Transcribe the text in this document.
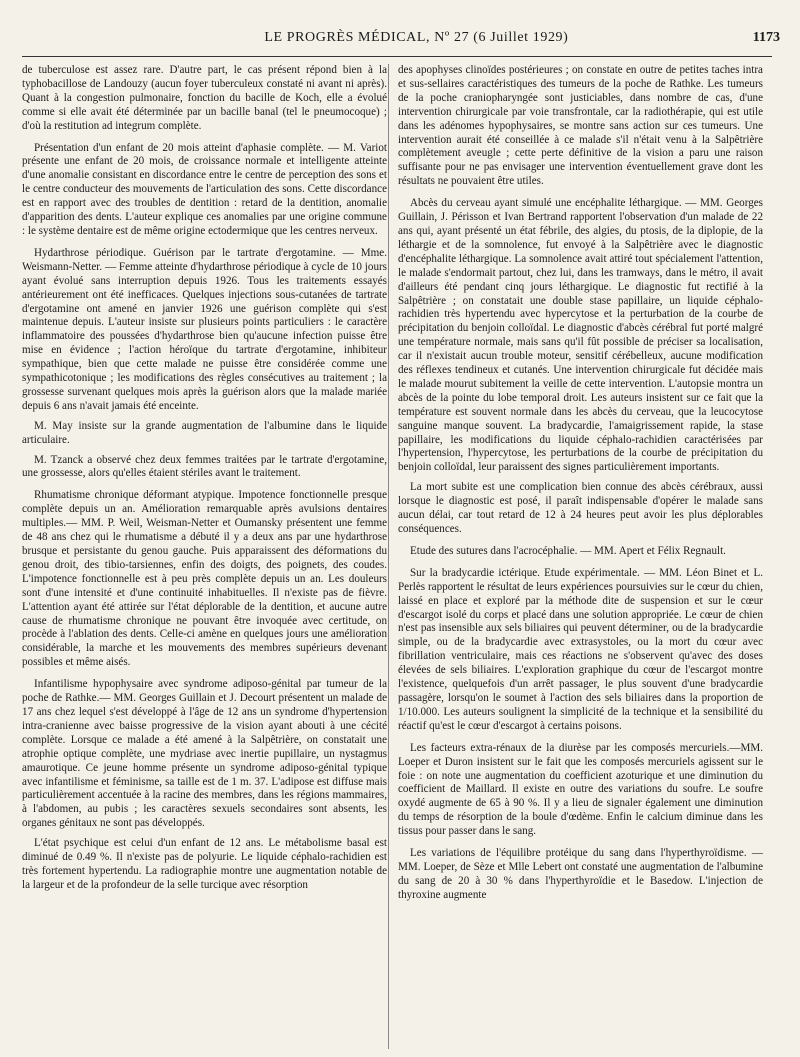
LE PROGRÈS MÉDICAL, Nº 27 (6 Juillet 1929)	1173

de tuberculose est assez rare. D'autre part, le cas présent répond bien à la typhobacillose de Landouzy (aucun foyer tuberculeux constaté ni avant ni après). Quant à la congestion pulmonaire, fonction du bacille de Koch, elle a évolué comme si elle avait été déterminée par un bacille banal (tel le pneumocoque) ; d'où la restitution ad integrum complète.

Présentation d'un enfant de 20 mois atteint d'aphasie complète. — M. Variot présente une enfant de 20 mois, de croissance normale et intelligente atteinte d'une anomalie consistant en discordance entre le centre de perception des sons et le centre conducteur des mouvements de l'articulation des sons. Cette discordance est en rapport avec des troubles de dentition : retard de la dentition, anomalie d'apparition des dents. L'auteur explique ces anomalies par une origine commune : le système dentaire est de même origine ectodermique que les centres nerveux.

Hydarthrose périodique. Guérison par le tartrate d'ergotamine. — Mme. Weismann-Netter. — Femme atteinte d'hydarthrose périodique à cycle de 10 jours ayant évolué sans interruption depuis 1926. Tous les traitements essayés antérieurement ont été inefficaces. Quelques injections sous-cutanées de tartrate d'ergotamine ont amené en janvier 1926 une guérison complète qui s'est maintenue depuis. L'auteur insiste sur plusieurs points particuliers : le caractère inflammatoire des poussées d'hydarthrose bien qu'aucune infection puisse être mise en évidence ; l'action héroïque du tartrate d'ergotamine, inhibiteur sympathique, bien que cette malade ne puisse être considérée comme une sympathicotonique ; les modifications des règles consécutives au traitement ; la grossesse survenant quelques mois après la guérison alors que la malade mariée depuis 6 ans n'avait jamais été enceinte.

M. May insiste sur la grande augmentation de l'albumine dans le liquide articulaire.

M. Tzanck a observé chez deux femmes traitées par le tartrate d'ergotamine, une grossesse, alors qu'elles étaient stériles avant le traitement.

Rhumatisme chronique déformant atypique. Impotence fonctionnelle presque complète depuis un an. Amélioration remarquable après avulsions dentaires multiples.— MM. P. Weil, Weisman-Netter et Oumansky présentent une femme de 48 ans chez qui le rhumatisme a débuté il y a deux ans par une hydarthrose brusque et persistante du genou gauche. Puis apparaissent des déformations du genou droit, des tibio-tarsiennes, enfin des doigts, des poignets, des coudes. L'impotence fonctionnelle est à peu près complète depuis un an. Les douleurs sont d'une intensité et d'une continuité inhabituelles. Il n'existe pas de fièvre. L'attention ayant été attirée sur l'état déplorable de la dentition, et aucune autre cause de rhumatisme chronique ne pouvant être invoquée avec certitude, on procède à l'ablation des dents. Celle-ci amène en quelques jours une amélioration considérable, la marche et les mouvements des membres supérieurs devenant possibles et même aisés.

Infantilisme hypophysaire avec syndrome adiposo-génital par tumeur de la poche de Rathke.— MM. Georges Guillain et J. Decourt présentent un malade de 17 ans chez lequel s'est développé à l'âge de 12 ans un syndrome d'hypertension intra-cranienne avec baisse progressive de la vision ayant abouti à une cécité complète. Lorsque ce malade a été amené à la Salpêtrière, on constatait une atrophie optique complète, une mydriase avec inertie pupillaire, un nystagmus amaurotique. Ce jeune homme présente un syndrome adiposo-génital typique avec infantilisme et féminisme, sa taille est de 1 m. 37. L'adipose est diffuse mais particulièrement accentuée à la racine des membres, dans les régions mammaires, à l'abdomen, au pubis ; les caractères sexuels secondaires sont absents, les organes génitaux ne sont pas développés.

L'état psychique est celui d'un enfant de 12 ans. Le métabolisme basal est diminué de 0.49 %. Il n'existe pas de polyurie. Le liquide céphalo-rachidien est très fortement hypertendu. La radiographie montre une augmentation notable de la largeur et de la profondeur de la selle turcique avec résorption

des apophyses clinoïdes postérieures ; on constate en outre de petites taches intra et sus-sellaires caractéristiques des tumeurs de la poche de Rathke. Les tumeurs de la poche craniopharyngée sont justiciables, dans nombre de cas, d'une intervention chirurgicale par voie transfrontale, car la radiothérapie, qui est utile dans les adénomes hypophysaires, se montre sans action sur ces tumeurs. Une intervention aurait été conseillée à ce malade s'il n'était venu à la Salpêtrière complètement aveugle ; cette perte définitive de la vision a paru une raison suffisante pour ne pas envisager une intervention éventuellement grave dont les résultats ne pouvaient être utiles.

Abcès du cerveau ayant simulé une encéphalite léthargique. — MM. Georges Guillain, J. Périsson et Ivan Bertrand rapportent l'observation d'un malade de 22 ans qui, ayant présenté un état fébrile, des algies, du ptosis, de la diplopie, de la léthargie et de la somnolence, fut envoyé à la Salpêtrière avec le diagnostic d'encéphalite léthargique. La somnolence avait attiré tout spécialement l'attention, le malade s'endormait partout, chez lui, dans les tramways, dans le métro, il avait d'ailleurs été pendant cinq jours léthargique. Le diagnostic fut rectifié à la Salpêtrière ; on constatait une double stase papillaire, un liquide céphalo-rachidien très hypertendu avec hypercytose et la perturbation de la courbe de précipitation du benjoin colloïdal. Le diagnostic d'abcès cérébral fut porté malgré une température normale, mais sans qu'il fût possible de préciser sa localisation, car il n'existait aucun trouble moteur, sensitif cérébelleux, aucune modification des réflexes tendineux et cutanés. Une intervention chirurgicale fut décidée mais le malade mourut subitement la veille de cette intervention. L'autopsie montra un abcès de la pointe du lobe temporal droit. Les auteurs insistent sur ce fait que la température est souvent normale dans les abcès du cerveau, que la leucocytose sanguine manque souvent. La bradycardie, l'amaigrissement rapide, la stase papillaire, les modifications du liquide céphalo-rachidien caractérisées par l'hypertension, l'hypercytose, les perturbations de la courbe de précipitation du benjoin colloïdal, leur paraissent des signes particulièrement importants.

La mort subite est une complication bien connue des abcès cérébraux, aussi lorsque le diagnostic est posé, il paraît indispensable d'opérer le malade sans aucun délai, car tout retard de 12 à 24 heures peut avoir les plus déplorables conséquences.

Etude des sutures dans l'acrocéphalie. — MM. Apert et Félix Regnault.

Sur la bradycardie ictérique. Etude expérimentale. — MM. Léon Binet et L. Perlès rapportent le résultat de leurs expériences poursuivies sur le cœur du chien, laissé en place et exploré par la méthode dite de suspension et sur le cœur d'escargot isolé du corps et placé dans une solution appropriée. Le cœur de chien n'est pas insensible aux sels biliaires qui peuvent déterminer, ou de la bradycardie simple, ou de la bradycardie avec extrasystoles, ou la mort du cœur avec fibrillation ventriculaire, mais ces réactions ne s'observent qu'avec des doses élevées de sels biliaires. L'exploration graphique du cœur de l'escargot montre l'existence, quelquefois d'un arrêt passager, le plus souvent d'une bradycardie passagère, lorsqu'on le soumet à l'action des sels biliaires dans la proportion de 1/10.000. Les auteurs soulignent la simplicité de la technique et la sensibilité du réactif qu'est le cœur d'escargot à certains poisons.

Les facteurs extra-rénaux de la diurèse par les composés mercuriels.—MM. Loeper et Duron insistent sur le fait que les composés mercuriels agissent sur le foie : on note une augmentation du coefficient azoturique et une diminution du coefficient de Maillard. Il existe en outre des variations du soufre. Le soufre oxydé augmente de 65 à 90 %. Il y a lieu de signaler également une diminution du temps de résorption de la boule d'œdème. Enfin le calcium diminue dans les tissus pour passer dans le sang.

Les variations de l'équilibre protéique du sang dans l'hyperthyroïdisme. — MM. Loeper, de Sèze et Mlle Lebert ont constaté une augmentation de l'albumine du sang de 20 à 30 % dans l'hyperthyroïdie et le Basedow. L'injection de thyroxine augmente
